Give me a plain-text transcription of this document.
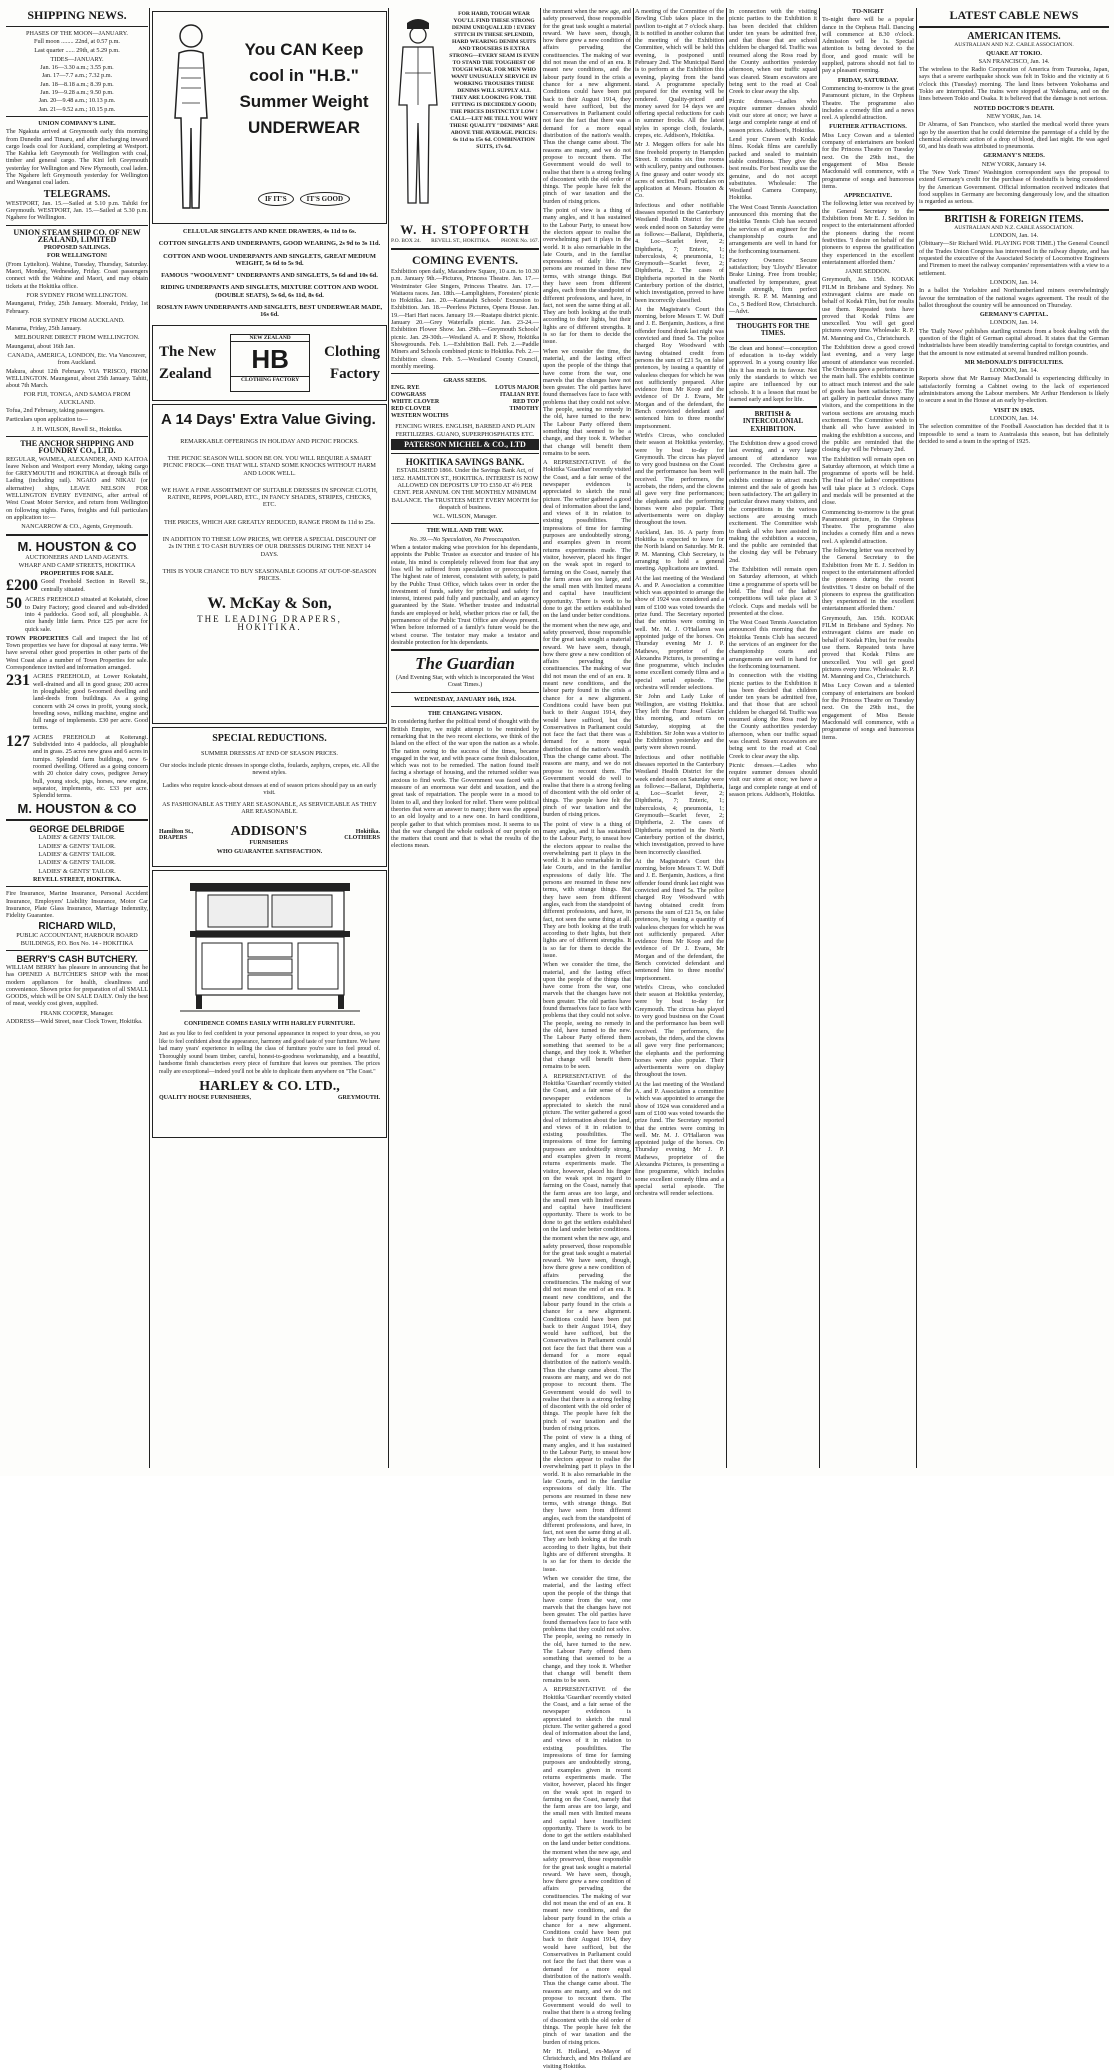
SHIPPING NEWS.
PHASES OF THE MOON—JANUARY.
Full moon ........ 22nd, at 0.57 p.m.
Last quarter ...... 29th, at 5.29 p.m.
TIDES—JANUARY.
Jan. 16—3.30 a.m.; 3.55 p.m.
Jan. 17—7.7 a.m.; 7.32 p.m.
Jan. 18—8.18 a.m.; 8.39 p.m.
Jan. 19—9.28 a.m.; 9.50 p.m.
Jan. 20—9.48 a.m.; 10.13 p.m.
Jan. 21—9.52 a.m.; 10.15 p.m.
UNION COMPANY'S LINE.

The Ngakuta arrived at Greymouth early this morning from Dunedin and Timaru, and after discharging inward cargo loads coal for Auckland, completing at Westport. The Kahika left Greymouth for Wellington with coal, timber and general cargo. The Kini left Greymouth yesterday for Wellington and New Plymouth, coal laden. The Ngahere left Greymouth yesterday for Wellington and Wanganui coal laden.

TELEGRAMS.

WESTPORT, Jan. 15.—Sailed at 5.10 p.m. Tahiki for Greymouth. WESTPORT, Jan. 15.—Sailed at 5.30 p.m. Ngahere for Wellington.

UNION STEAM SHIP CO. OF NEW ZEALAND, LIMITED
PROPOSED SAILINGS.
FOR WELLINGTON!

(From Lyttelton). Wahine, Tuesday, Thursday, Saturday. Maori, Monday, Wednesday, Friday. Coast passengers connect with the Wahine and Maori, and may obtain tickets at the Hokitika office.

FOR SYDNEY FROM WELLINGTON.

Maunganui, Friday, 25th January. Moeraki, Friday, 1st February.

FOR SYDNEY FROM AUCKLAND.

Marama, Friday, 25th January.

MELBOURNE DIRECT FROM WELLINGTON.

Maunganui, about 16th Jan.

CANADA, AMERICA, LONDON, Etc. Via Vancouver, from Auckland.

Makura, about 12th February. VIA 'FRISCO, FROM WELLINGTON. Maunganui, about 25th January. Tahiti, about 7th March.

FOR FIJI, TONGA, AND SAMOA FROM AUCKLAND.

Tofua, 2nd February, taking passengers.

Particulars upon application to—

J. H. WILSON, Revell St., Hokitika.
THE ANCHOR SHIPPING AND FOUNDRY CO., LTD.

REGULAR, WAIMEA, ALEXANDER, AND KAITOA leave Nelson and Westport every Monday, taking cargo for GREYMOUTH and HOKITIKA at through Bills of Lading (including rail). NGAIO and NIKAU (or alternative) ships, LEAVE NELSON FOR WELLINGTON EVERY EVENING, after arrival of West Coast Motor Service, and return from Wellington on following nights. Fares, freights and full particulars on application to:—

NANCARROW & CO., Agents, Greymouth.
M. HOUSTON & CO
AUCTIONEERS AND LAND AGENTS.
WHARF AND CAMP STREETS, HOKITIKA
PROPERTIES FOR SALE.
£200 Good Freehold Section in Revell St., centrally situated.
50 ACRES FREEHOLD situated at Kokatahi, close to Dairy Factory; good cleared and sub-divided into 4 paddocks. Good soil, all ploughable. A nice handy little farm. Price £25 per acre for quick sale.

TOWN PROPERTIES Call and inspect the list of Town properties we have for disposal at easy terms. We have several other good properties in other parts of the West Coast also a number of Town Properties for sale. Correspondence invited and information arranged.

231 ACRES FREEHOLD, at Lower Kokatahi, well-drained and all in good grass; 200 acres in ploughable; good 6-roomed dwelling and land-deeds from buildings. As a going concern with 24 cows in profit, young stock, breeding sows, milking machine, engine and full range of implements. £30 per acre. Good terms.
127 ACRES FREEHOLD at Koiterangi. Subdivided into 4 paddocks, all ploughable and in grass. 25 acres new grass and 6 acres in turnips. Splendid farm buildings, new 6-roomed dwelling. Offered as a going concern with 20 choice dairy cows, pedigree Jersey bull, young stock, pigs, horses, new engine, separator, implements, etc. £33 per acre. Splendid terms.
M. HOUSTON & CO
GEORGE DELBRIDGE
LADIES' & GENTS' TAILOR.
LADIES' & GENTS' TAILOR.
LADIES' & GENTS' TAILOR.
LADIES' & GENTS' TAILOR.
LADIES' & GENTS' TAILOR.
REVELL STREET, HOKITIKA.

Fire Insurance, Marine Insurance, Personal Accident Insurance, Employers' Liability Insurance, Motor Car Insurance, Plate Glass Insurance, Marriage Indemnity, Fidelity Guarantee.

RICHARD WILD,
PUBLIC ACCOUNTANT, HARBOUR BOARD BUILDINGS, P.O. Box No. 14 - HOKITIKA
BERRY'S CASH BUTCHERY.

WILLIAM BERRY has pleasure in announcing that he has OPENED A BUTCHER'S SHOP with the most modern appliances for health, cleanliness and convenience. Shown price for preparation of all SMALL GOODS, which will be ON SALE DAILY. Only the best of meat, weekly cost given, supplied.

FRANK COOPER, Manager.

ADDRESS—Weld Street, near Clock Tower, Hokitika.

You CAN Keep
cool in "H.B."
Summer Weight
UNDERWEAR
IF IT'S	IT'S GOOD
CELLULAR SINGLETS AND KNEE DRAWERS, 4s 11d to 6s.
COTTON SINGLETS AND UNDERPANTS, GOOD WEARING, 2s 9d to 3s 11d.
COTTON AND WOOL UNDERPANTS AND SINGLETS, GREAT MEDIUM WEIGHT, 5s 6d to 5s 9d.
FAMOUS "WOOLVENT" UNDERPANTS AND SINGLETS, 5s 6d and 10s 6d.
RIDING UNDERPANTS AND SINGLETS, MIXTURE COTTON AND WOOL (DOUBLE SEATS), 5s 6d, 6s 11d, 8s 6d.
ROSLYN FAWN UNDERPANTS AND SINGLETS, BEST UNDERWEAR MADE, 16s 6d.
The New
Zealand
NEW ZEALAND
HB
CLOTHING FACTORY
Clothing
Factory
A 14 Days' Extra Value Giving.
REMARKABLE OFFERINGS IN HOLIDAY AND PICNIC FROCKS.
THE PICNIC SEASON WILL SOON BE ON. YOU WILL REQUIRE A SMART PICNIC FROCK—ONE THAT WILL STAND SOME KNOCKS WITHOUT HARM AND LOOK WELL.
WE HAVE A FINE ASSORTMENT OF SUITABLE DRESSES IN SPONGE CLOTH, RATINE, REPPS, POPLARD, ETC., IN FANCY SHADES, STRIPES, CHECKS, ETC.
THE PRICES, WHICH ARE GREATLY REDUCED, RANGE FROM 8s 11d to 25s.
IN ADDITION TO THESE LOW PRICES, WE OFFER A SPECIAL DISCOUNT OF 2s IN THE £ TO CASH BUYERS OF OUR DRESSES DURING THE NEXT 14 DAYS.
THIS IS YOUR CHANCE TO BUY SEASONABLE GOODS AT OUT-OF-SEASON PRICES.
W. McKay & Son,
THE LEADING DRAPERS,
HOKITIKA.
SPECIAL REDUCTIONS.
SUMMER DRESSES AT END OF SEASON PRICES.
Our stocks include picnic dresses in sponge cloths, foulards, zephyrs, crepes, etc. All the newest styles.
Ladies who require knock-about dresses at end of season prices should pay us an early visit.
AS FASHIONABLE AS THEY ARE SEASONABLE, AS SERVICEABLE AS THEY ARE REASONABLE.
Hamilton St.,
DRAPERS	ADDISON'S
FURNISHERS
Hokitika.
CLOTHIERS
WHO GUARANTEE SATISFACTION.
CONFIDENCE COMES EASILY WITH HARLEY FURNITURE.

Just as you like to feel confident in your personal appearance in respect to your dress, so you like to feel confident about the appearance, harmony and good taste of your furniture. We have had many years' experience in selling the class of furniture you're sure to feel proud of. Thoroughly sound beam timber, careful, honest-to-goodness workmanship, and a beautiful, handsome finish characterises every piece of furniture that leaves our premises. The prices really are exceptional—indeed you'll not be able to duplicate them anywhere on "The Coast."

HARLEY & CO. LTD.,
QUALITY HOUSE FURNISHERS,	GREYMOUTH.

FOR HARD, TOUGH WEAR YOU'LL FIND THESE STRONG DENIM UNEQUALLED ! EVERY STITCH IN THESE SPLENDID, HARD WEARING DENIM SUITS AND TROUSERS IS EXTRA STRONG—EVERY SEAM IS EVEN TO STAND THE TOUGHEST OF TOUGH WEAR. FOR MEN WHO WANT UNUSUALLY SERVICE IN WORKING TROUSERS THESE DENIMS WILL SUPPLY ALL THEY ARE LOOKING FOR. THE FITTING IS DECIDEDLY GOOD; THE PRICES DISTINCTLY LOW ! CALL—LET ME TELL YOU WHY THESE QUALITY "DENIMS" ARE ABOVE THE AVERAGE. PRICES: 6s 11d to 15s 6d. COMBINATION SUITS, 17s 6d.

W. H. STOPFORTH
P.O. BOX 24. REVELL ST., HOKITIKA. PHONE No. 167.
COMING EVENTS.

Exhibition open daily, Macandrew Square, 10 a.m. to 10.30 p.m. January 9th.—Pictures, Princess Theatre. Jan. 17.—Westminster Glee Singers, Princess Theatre. Jan. 17.—Waitaora races. Jan. 18th.—Lamplighters, Foresters' picnic to Hokitika. Jan. 20.—Kamatahi Schools' Excursion to Exhibition. Jan. 18.—Peerless Pictures, Opera House. Jan. 19.—Hari Hari races. January 19.—Ruatapu district picnic. January 20.—Grey Waterfalls picnic. Jan. 23-24.—Exhibition Flower Show. Jan. 29th.—Greymouth Schools' picnic. Jan. 29-30th.—Westland A. and P. Show, Hokitika Showgrounds. Feb. 1.—Exhibition Ball. Feb. 2.—Paddle Miners and Schools combined picnic to Hokitika. Feb. 2.—Exhibition closes. Feb. 5.—Westland County Council, monthly meeting.

GRASS SEEDS.
ENG. RYE
COWGRASS
WHITE CLOVER
RED CLOVER
WESTERN WOLTHS
LOTUS MAJOR
ITALIAN RYE
RED TOP
TIMOTHY
FENCING WIRES. ENGLISH, BARBED AND PLAIN FERTILIZERS. GUANO, SUPERPHOSPHATES ETC.
PATERSON MICHEL & CO., LTD
HOKITIKA SAVINGS BANK.

ESTABLISHED 1866. Under the Savings Bank Act, of 1852. HAMILTON ST., HOKITIKA. INTEREST IS NOW ALLOWED ON DEPOSITS UP TO £350 AT 4½ PER CENT. PER ANNUM. ON THE MONTHLY MINIMUM BALANCE. The TRUSTEES MEET EVERY MONTH for despatch of business.

W.L. WILSON, Manager.
THE WILL AND THE WAY.
No. 39.—No Speculation, No Preoccupation.

When a testator making wise provision for his dependants, appoints the Public Trustee as executor and trustee of his estate, his mind is completely relieved from fear that any loss will be suffered from speculation or preoccupation. The highest rate of interest, consistent with safety, is paid by the Public Trust Office, which takes over in order the investment of funds, safety for principal and safety for interest, interest paid fully and punctually, and an agency guaranteed by the State. Whether trustee and industrial funds are employed or held, whether prices rise or fall, the permanence of the Public Trust Office are always present. When before informed of a family's future would be the wisest course. The testator may make a testator and desirable protection for his dependants.

The Guardian
(And Evening Star, with which is incorporated the West Coast Times.)
WEDNESDAY, JANUARY 16th, 1924.
THE CHANGING VISION.

In considering further the political trend of thought with the British Empire, we might attempt to be reminded by remarking that in the two recent elections, we think of the Island on the effect of the war upon the nation as a whole. The nation owing to the success of the times, became engaged in the war, and with peace came fresh dislocation, which was not to be remedied. The nation found itself facing a shortage of housing, and the returned soldier was anxious to find work. The Government was faced with a measure of an enormous war debt and taxation, and the great task of repatriation. The people were in a mood to listen to all, and they looked for relief. There were political theories that were an answer to many; there was the appeal to an old loyalty and to a new one. In hard conditions, people gather to that which promises most. It seems to us that the war changed the whole outlook of our people on the matters that count and that is what the results of the elections mean.

the moment when the new age, and safety preserved, those responsible for the great task sought a material reward. We have seen, though, how there grew a new condition of affairs pervading the constituencies. The making of war did not mean the end of an era. It meant new conditions, and the labour party found in the crisis a chance for a new alignment. Conditions could have been put back to their August 1914, they would have sufficed, but the Conservatives in Parliament could not face the fact that there was a demand for a more equal distribution of the nation's wealth. Thus the change came about. The reasons are many, and we do not propose to recount them. The Government would do well to realise that there is a strong feeling of discontent with the old order of things. The people have felt the pinch of war taxation and the burden of rising prices.

The point of view is a thing of many angles, and it has sustained to the Labour Party, to unseat how the electors appear to realise the overwhelming part it plays in the world. It is also remarkable in the late Courts, and in the familiar expressions of daily life. The persons are resumed in these new terms, with strange things. But they have seen from different angles, each from the standpoint of different professions, and have, in fact, not seen the same thing at all. They are both looking at the truth according to their lights, but their lights are of different strengths. It is so far for them to decide the issue.

When we consider the time, the material, and the lasting effect upon the people of the things that have come from the war, one marvels that the changes have not been greater. The old parties have found themselves face to face with problems that they could not solve. The people, seeing no remedy in the old, have turned to the new. The Labour Party offered them something that seemed to be a change, and they took it. Whether that change will benefit them remains to be seen.

A REPRESENTATIVE of the Hokitika 'Guardian' recently visited the Coast, and a fair sense of the newspaper evidences is appreciated to sketch the rural picture. The writer gathered a good deal of information about the land, and views of it in relation to existing possibilities. The impressions of time for farming purposes are undoubtedly strong, and examples given in recent returns experiments made. The visitor, however, placed his finger on the weak spot in regard to farming on the Coast, namely that the farm areas are too large, and the small men with limited means and capital have insufficient opportunity. There is work to be done to get the settlers established on the land under better conditions.

the moment when the new age, and safety preserved, those responsible for the great task sought a material reward. We have seen, though, how there grew a new condition of affairs pervading the constituencies. The making of war did not mean the end of an era. It meant new conditions, and the labour party found in the crisis a chance for a new alignment. Conditions could have been put back to their August 1914, they would have sufficed, but the Conservatives in Parliament could not face the fact that there was a demand for a more equal distribution of the nation's wealth. Thus the change came about. The reasons are many, and we do not propose to recount them. The Government would do well to realise that there is a strong feeling of discontent with the old order of things. The people have felt the pinch of war taxation and the burden of rising prices.

The point of view is a thing of many angles, and it has sustained to the Labour Party, to unseat how the electors appear to realise the overwhelming part it plays in the world. It is also remarkable in the late Courts, and in the familiar expressions of daily life. The persons are resumed in these new terms, with strange things. But they have seen from different angles, each from the standpoint of different professions, and have, in fact, not seen the same thing at all. They are both looking at the truth according to their lights, but their lights are of different strengths. It is so far for them to decide the issue.

When we consider the time, the material, and the lasting effect upon the people of the things that have come from the war, one marvels that the changes have not been greater. The old parties have found themselves face to face with problems that they could not solve. The people, seeing no remedy in the old, have turned to the new. The Labour Party offered them something that seemed to be a change, and they took it. Whether that change will benefit them remains to be seen.

A REPRESENTATIVE of the Hokitika 'Guardian' recently visited the Coast, and a fair sense of the newspaper evidences is appreciated to sketch the rural picture. The writer gathered a good deal of information about the land, and views of it in relation to existing possibilities. The impressions of time for farming purposes are undoubtedly strong, and examples given in recent returns experiments made. The visitor, however, placed his finger on the weak spot in regard to farming on the Coast, namely that the farm areas are too large, and the small men with limited means and capital have insufficient opportunity. There is work to be done to get the settlers established on the land under better conditions.

the moment when the new age, and safety preserved, those responsible for the great task sought a material reward. We have seen, though, how there grew a new condition of affairs pervading the constituencies. The making of war did not mean the end of an era. It meant new conditions, and the labour party found in the crisis a chance for a new alignment. Conditions could have been put back to their August 1914, they would have sufficed, but the Conservatives in Parliament could not face the fact that there was a demand for a more equal distribution of the nation's wealth. Thus the change came about. The reasons are many, and we do not propose to recount them. The Government would do well to realise that there is a strong feeling of discontent with the old order of things. The people have felt the pinch of war taxation and the burden of rising prices.

The point of view is a thing of many angles, and it has sustained to the Labour Party, to unseat how the electors appear to realise the overwhelming part it plays in the world. It is also remarkable in the late Courts, and in the familiar expressions of daily life. The persons are resumed in these new terms, with strange things. But they have seen from different angles, each from the standpoint of different professions, and have, in fact, not seen the same thing at all. They are both looking at the truth according to their lights, but their lights are of different strengths. It is so far for them to decide the issue.

When we consider the time, the material, and the lasting effect upon the people of the things that have come from the war, one marvels that the changes have not been greater. The old parties have found themselves face to face with problems that they could not solve. The people, seeing no remedy in the old, have turned to the new. The Labour Party offered them something that seemed to be a change, and they took it. Whether that change will benefit them remains to be seen.

A REPRESENTATIVE of the Hokitika 'Guardian' recently visited the Coast, and a fair sense of the newspaper evidences is appreciated to sketch the rural picture. The writer gathered a good deal of information about the land, and views of it in relation to existing possibilities. The impressions of time for farming purposes are undoubtedly strong, and examples given in recent returns experiments made. The visitor, however, placed his finger on the weak spot in regard to farming on the Coast, namely that the farm areas are too large, and the small men with limited means and capital have insufficient opportunity. There is work to be done to get the settlers established on the land under better conditions.

the moment when the new age, and safety preserved, those responsible for the great task sought a material reward. We have seen, though, how there grew a new condition of affairs pervading the constituencies. The making of war did not mean the end of an era. It meant new conditions, and the labour party found in the crisis a chance for a new alignment. Conditions could have been put back to their August 1914, they would have sufficed, but the Conservatives in Parliament could not face the fact that there was a demand for a more equal distribution of the nation's wealth. Thus the change came about. The reasons are many, and we do not propose to recount them. The Government would do well to realise that there is a strong feeling of discontent with the old order of things. The people have felt the pinch of war taxation and the burden of rising prices.

Mr H. Holland, ex-Mayor of Christchurch, and Mrs Holland are visiting Hokitika.

A meeting of the Committee of the Bowling Club takes place in the pavilion to-night at 7 o'clock sharp. It is notified in another column that the meeting of the Exhibition Committee, which will be held this evening, is postponed until February 2nd. The Municipal Band is to perform at the Exhibition this evening, playing from the band stand. A programme specially prepared for the evening will be rendered. Quality-priced and money saved for 14 days we are offering special reductions for cash in summer frocks. All the latest styles in sponge cloth, foulards, crepes, etc. Addison's, Hokitika.

Mr J. Meggen offers for sale his fine freehold property in Hampden Street. It contains six fine rooms with scullery, pantry and outhouses. A fine grassy and outer woody six acres of section. Full particulars on application at Messrs. Houston & Co.

Infectious and other notifiable diseases reported in the Canterbury Westland Health District for the week ended noon on Saturday were as follows:—Ballarat, Diphtheria, 4. Loc—Scarlet fever, 2; Diphtheria, 7; Enteric, 1; tuberculosis, 4; pneumonia, 1; Greymouth—Scarlet fever, 2; Diphtheria, 2. The cases of Diphtheria reported in the North Canterbury portion of the district, which investigation, proved to have been incorrectly classified.

At the Magistrate's Court this morning, before Messrs T. W. Duff and J. E. Benjamin, Justices, a first offender found drunk last night was convicted and fined 5s. The police charged Roy Woodward with having obtained credit from persons the sum of £21 5s, on false pretences, by issuing a quantity of valueless cheques for which he was not sufficiently prepared. After evidence from Mr Koop and the evidence of Dr J. Evans, Mr Morgan and of the defendant, the Bench convicted defendant and sentenced him to three months' imprisonment.

Wirth's Circus, who concluded their season at Hokitika yesterday, were by boat to-day for Greymouth. The circus has played to very good business on the Coast and the performance has been well received. The performers, the acrobats, the riders, and the clowns all gave very fine performances; the elephants and the performing horses were also popular. Their advertisements were on display throughout the town.

Auckland, Jan. 16. A party from Hokitika is expected to leave for the North Island on Saturday. Mr R. P. M. Manning, Club Secretary, is arranging to hold a general meeting. Applications are invited.

At the last meeting of the Westland A. and P. Association a committee which was appointed to arrange the show of 1924 was considered and a sum of £100 was voted towards the prize fund. The Secretary reported that the entries were coming in well. Mr. M. J. O'Hallaron was appointed judge of the horses. On Thursday evening Mr J. P. Mathews, proprietor of the Alexandra Pictures, is presenting a fine programme, which includes some excellent comedy films and a special serial episode. The orchestra will render selections.

Sir John and Lady Luke of Wellington, are visiting Hokitika. They left the Franz Josef Glacier this morning, and return on Saturday, stopping at the Exhibition. Sir John was a visitor to the Exhibition yesterday and the party were shown round.

Infectious and other notifiable diseases reported in the Canterbury Westland Health District for the week ended noon on Saturday were as follows:—Ballarat, Diphtheria, 4. Loc—Scarlet fever, 2; Diphtheria, 7; Enteric, 1; tuberculosis, 4; pneumonia, 1; Greymouth—Scarlet fever, 2; Diphtheria, 2. The cases of Diphtheria reported in the North Canterbury portion of the district, which investigation, proved to have been incorrectly classified.

At the Magistrate's Court this morning, before Messrs T. W. Duff and J. E. Benjamin, Justices, a first offender found drunk last night was convicted and fined 5s. The police charged Roy Woodward with having obtained credit from persons the sum of £21 5s, on false pretences, by issuing a quantity of valueless cheques for which he was not sufficiently prepared. After evidence from Mr Koop and the evidence of Dr J. Evans, Mr Morgan and of the defendant, the Bench convicted defendant and sentenced him to three months' imprisonment.

Wirth's Circus, who concluded their season at Hokitika yesterday, were by boat to-day for Greymouth. The circus has played to very good business on the Coast and the performance has been well received. The performers, the acrobats, the riders, and the clowns all gave very fine performances; the elephants and the performing horses were also popular. Their advertisements were on display throughout the town.

At the last meeting of the Westland A. and P. Association a committee which was appointed to arrange the show of 1924 was considered and a sum of £100 was voted towards the prize fund. The Secretary reported that the entries were coming in well. Mr. M. J. O'Hallaron was appointed judge of the horses. On Thursday evening Mr J. P. Mathews, proprietor of the Alexandra Pictures, is presenting a fine programme, which includes some excellent comedy films and a special serial episode. The orchestra will render selections.

LATEST CABLE NEWS
AMERICAN ITEMS.
AUSTRALIAN AND N.Z. CABLE ASSOCIATION.
QUAKE AT TOKIO.
SAN FRANCISCO, Jan. 14.

The wireless to the Radio Corporation of America from Tsuruoka, Japan, says that a severe earthquake shock was felt in Tokio and the vicinity at 6 o'clock this (Tuesday) morning. The land lines between Yokohama and Tokio are interrupted. The trains were stopped at Yokohama, and on the lines between Tokio and Osaka. It is believed that the damage is not serious.

NOTED DOCTOR'S DEATH.
NEW YORK, Jan. 14.

Dr Abrams, of San Francisco, who startled the medical world three years ago by the assertion that he could determine the parentage of a child by the chemical electronic action of a drop of blood, died last night. He was aged 60, and his death was attributed to pneumonia.

GERMANY'S NEEDS.
NEW YORK, January 14.

The 'New York Times' Washington correspondent says the proposal to extend Germany's credit for the purchase of foodstuffs is being considered by the American Government. Official information received indicates that food supplies in Germany are becoming dangerously low, and the situation is regarded as serious.

BRITISH & FOREIGN ITEMS.
AUSTRALIAN AND N.Z. CABLE ASSOCIATION.
LONDON, Jan. 14.

(Obituary—Sir Richard Wild. PLAYING FOR TIME.) The General Council of the Trades Union Congress has intervened in the railway dispute, and has requested the executive of the Associated Society of Locomotive Engineers and Firemen to meet the railway companies' representatives with a view to a settlement.

LONDON, Jan. 14.

In a ballot the Yorkshire and Northumberland miners overwhelmingly favour the termination of the national wages agreement. The result of the ballot throughout the country will be announced on Thursday.

GERMANY'S CAPITAL.
LONDON, Jan. 14.

The 'Daily News' publishes startling extracts from a book dealing with the question of the flight of German capital abroad. It states that the German industrialists have been steadily transferring capital to foreign countries, and that the amount is now estimated at several hundred million pounds.

MR McDONALD'S DIFFICULTIES.
LONDON, Jan. 14.

Reports show that Mr Ramsay MacDonald is experiencing difficulty in satisfactorily forming a Cabinet owing to the lack of experienced administrators among the Labour members. Mr Arthur Henderson is likely to secure a seat in the House at an early by-election.

VISIT IN 1925.
LONDON, Jan. 14.

The selection committee of the Football Association has decided that it is impossible to send a team to Australasia this season, but has definitely decided to send a team in the spring of 1925.

TO-NIGHT

To-night there will be a popular dance in the Orpheus Hall. Dancing will commence at 8.30 o'clock. Admission will be 1s. Special attention is being devoted to the floor, and good music will be supplied, patrons should not fail to pay a pleasant evening.

FRIDAY, SATURDAY.

Commencing to-morrow is the great Paramount picture, in the Orpheus Theatre. The programme also includes a comedy film and a news reel. A splendid attraction.

FURTHER ATTRACTIONS.

Miss Lucy Cowan and a talented company of entertainers are booked for the Princess Theatre on Tuesday next. On the 29th inst., the engagement of Miss Bessie Macdonald will commence, with a programme of songs and humorous items.

APPRECIATIVE.

The following letter was received by the General Secretary to the Exhibition from Mr E. J. Seddon in respect to the entertainment afforded the pioneers during the recent festivities. 'I desire on behalf of the pioneers to express the gratification they experienced in the excellent entertainment afforded them.'

JANIE SEDDON.

Greymouth, Jan. 15th. KODAK FILM in Brisbane and Sydney. No extravagant claims are made on behalf of Kodak Film, but for results use them. Repeated tests have proved that Kodak Films are unexcelled. You will get good pictures every time. Wholesale: R. P. M. Manning and Co., Christchurch.

The Exhibition drew a good crowd last evening, and a very large amount of attendance was recorded. The Orchestra gave a performance in the main hall. The exhibits continue to attract much interest and the sale of goods has been satisfactory. The art gallery in particular draws many visitors, and the competitions in the various sections are arousing much excitement. The Committee wish to thank all who have assisted in making the exhibition a success, and the public are reminded that the closing day will be February 2nd.

The Exhibition will remain open on Saturday afternoon, at which time a programme of sports will be held. The final of the ladies' competitions will take place at 3 o'clock. Cups and medals will be presented at the close.

Commencing to-morrow is the great Paramount picture, in the Orpheus Theatre. The programme also includes a comedy film and a news reel. A splendid attraction.

The following letter was received by the General Secretary to the Exhibition from Mr E. J. Seddon in respect to the entertainment afforded the pioneers during the recent festivities. 'I desire on behalf of the pioneers to express the gratification they experienced in the excellent entertainment afforded them.'

Greymouth, Jan. 15th. KODAK FILM in Brisbane and Sydney. No extravagant claims are made on behalf of Kodak Film, but for results use them. Repeated tests have proved that Kodak Films are unexcelled. You will get good pictures every time. Wholesale: R. P. M. Manning and Co., Christchurch.

Miss Lucy Cowan and a talented company of entertainers are booked for the Princess Theatre on Tuesday next. On the 29th inst., the engagement of Miss Bessie Macdonald will commence, with a programme of songs and humorous items.

In connection with the visiting picnic parties to the Exhibition it has been decided that children under ten years be admitted free, and that those that are school children be charged 6d. Traffic was resumed along the Ross road by the County authorities yesterday afternoon, when our traffic squad was cleared. Steam excavators are being sent to the road at Coal Creek to clear away the slip.

Picnic dresses.—Ladies who require summer dresses should visit our store at once; we have a large and complete range at end of season prices. Addison's, Hokitika.

Lend your Craven with Kodak films. Kodak films are carefully packed and sealed to maintain stable conditions. They give the best results. For best results use the genuine, and do not accept substitutes. Wholesale: The Westland Camera Company, Hokitika.

The West Coast Tennis Association announced this morning that the Hokitika Tennis Club has secured the services of an engineer for the championship courts and arrangements are well in hand for the forthcoming tournament.

Factory Owners: Secure satisfaction; buy 'Lloyd's' Elevator Brake Lining. Free from trouble; unaffected by temperature, great tensile strength, firm perfect strength. R. P. M. Manning and Co., 5 Bedford Row, Christchurch.—Advt.

THOUGHTS FOR THE TIMES.

'Be clean and honest'—conception of education is to-day widely approved. In a young country like this it has much in its favour. Not only the standards to which we aspire are influenced by our schools. It is a lesson that must be learned early and kept for life.

BRITISH & INTERCOLONIAL EXHIBITION.

The Exhibition drew a good crowd last evening, and a very large amount of attendance was recorded. The Orchestra gave a performance in the main hall. The exhibits continue to attract much interest and the sale of goods has been satisfactory. The art gallery in particular draws many visitors, and the competitions in the various sections are arousing much excitement. The Committee wish to thank all who have assisted in making the exhibition a success, and the public are reminded that the closing day will be February 2nd.

The Exhibition will remain open on Saturday afternoon, at which time a programme of sports will be held. The final of the ladies' competitions will take place at 3 o'clock. Cups and medals will be presented at the close.

The West Coast Tennis Association announced this morning that the Hokitika Tennis Club has secured the services of an engineer for the championship courts and arrangements are well in hand for the forthcoming tournament.

In connection with the visiting picnic parties to the Exhibition it has been decided that children under ten years be admitted free, and that those that are school children be charged 6d. Traffic was resumed along the Ross road by the County authorities yesterday afternoon, when our traffic squad was cleared. Steam excavators are being sent to the road at Coal Creek to clear away the slip.

Picnic dresses.—Ladies who require summer dresses should visit our store at once; we have a large and complete range at end of season prices. Addison's, Hokitika.
